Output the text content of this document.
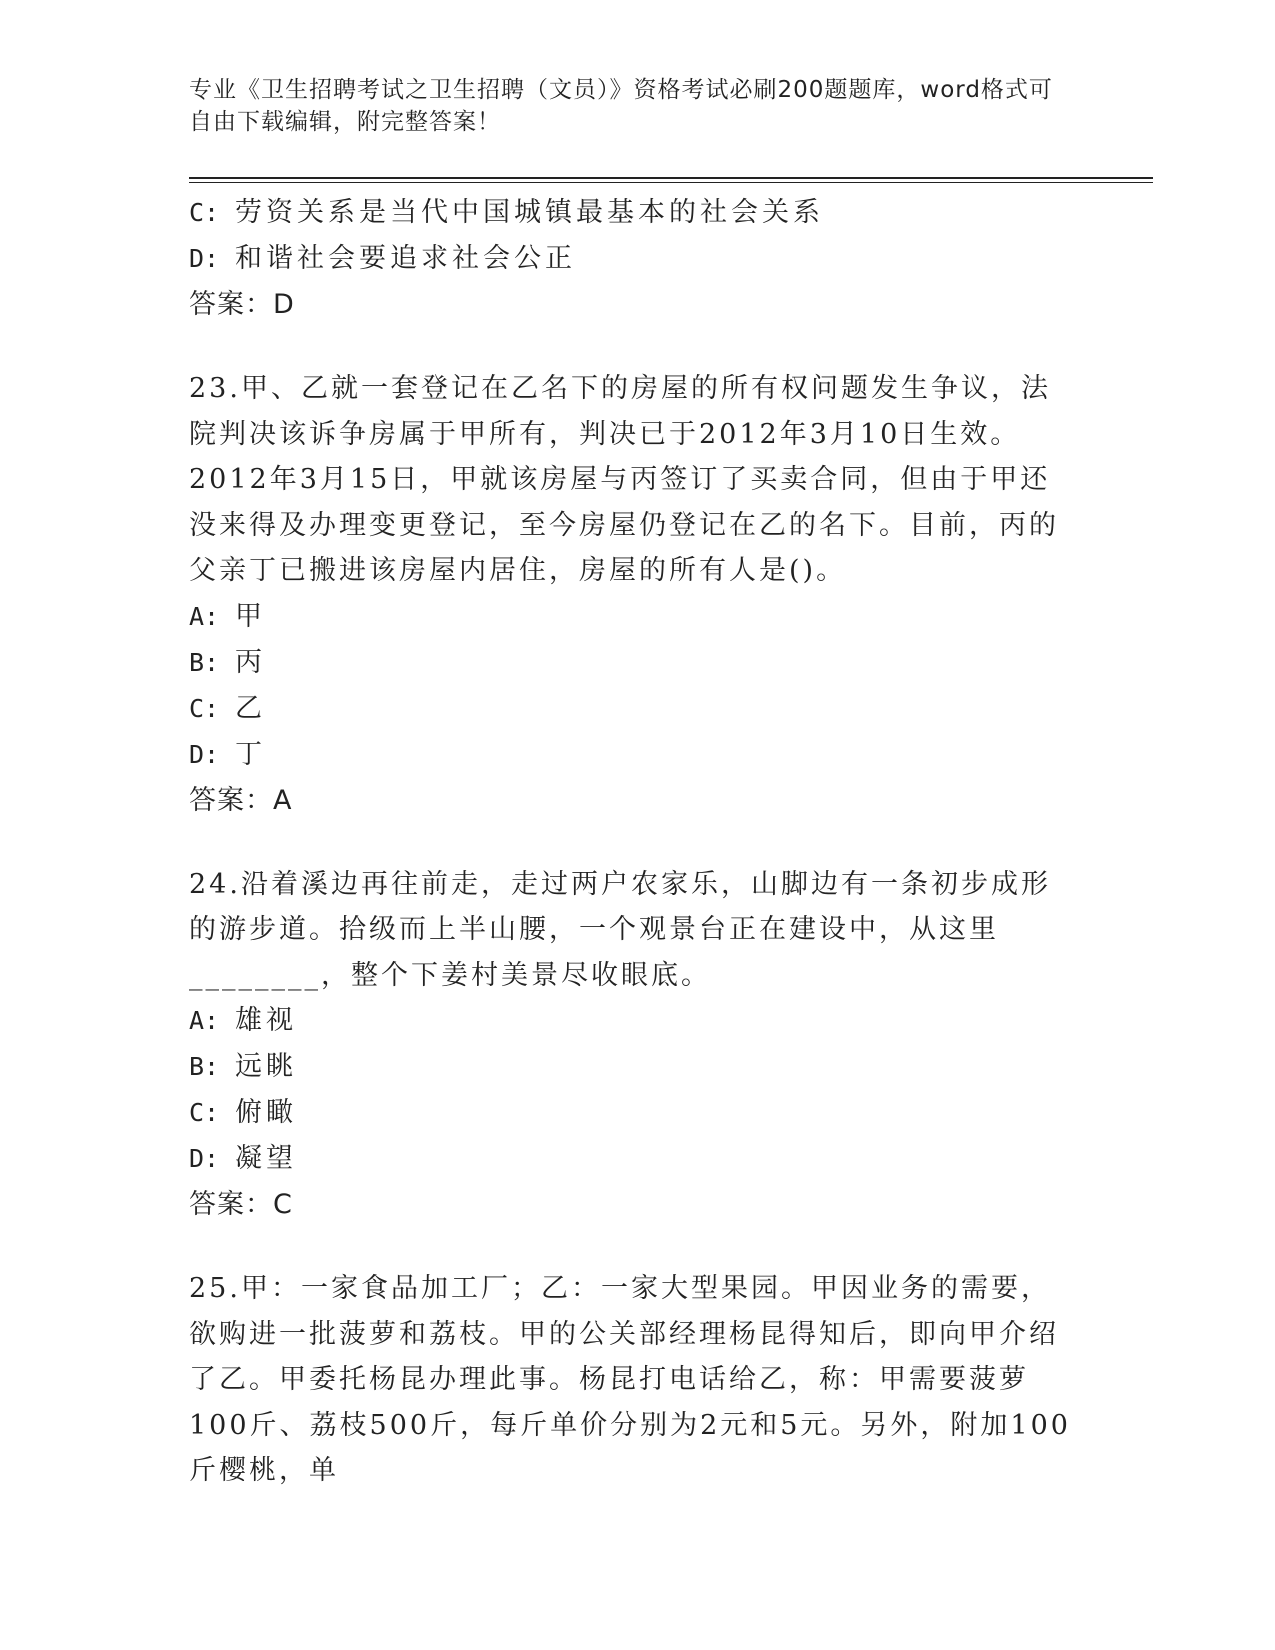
专业《卫生招聘考试之卫生招聘（文员）》资格考试必刷200题题库，word格式可自由下载编辑，附完整答案！
C: 劳资关系是当代中国城镇最基本的社会关系
D: 和谐社会要追求社会公正
答案：D
23.甲、乙就一套登记在乙名下的房屋的所有权问题发生争议，法院判决该诉争房属于甲所有，判决已于2012年3月10日生效。2012年3月15日，甲就该房屋与丙签订了买卖合同，但由于甲还没来得及办理变更登记，至今房屋仍登记在乙的名下。目前，丙的父亲丁已搬进该房屋内居住，房屋的所有人是()。
A: 甲
B: 丙
C: 乙
D: 丁
答案：A
24.沿着溪边再往前走，走过两户农家乐，山脚边有一条初步成形的游步道。拾级而上半山腰，一个观景台正在建设中，从这里________，整个下姜村美景尽收眼底。
A: 雄视
B: 远眺
C: 俯瞰
D: 凝望
答案：C
25.甲：一家食品加工厂；乙：一家大型果园。甲因业务的需要，欲购进一批菠萝和荔枝。甲的公关部经理杨昆得知后，即向甲介绍了乙。甲委托杨昆办理此事。杨昆打电话给乙，称：甲需要菠萝100斤、荔枝500斤，每斤单价分别为2元和5元。另外，附加100斤樱桃，单
